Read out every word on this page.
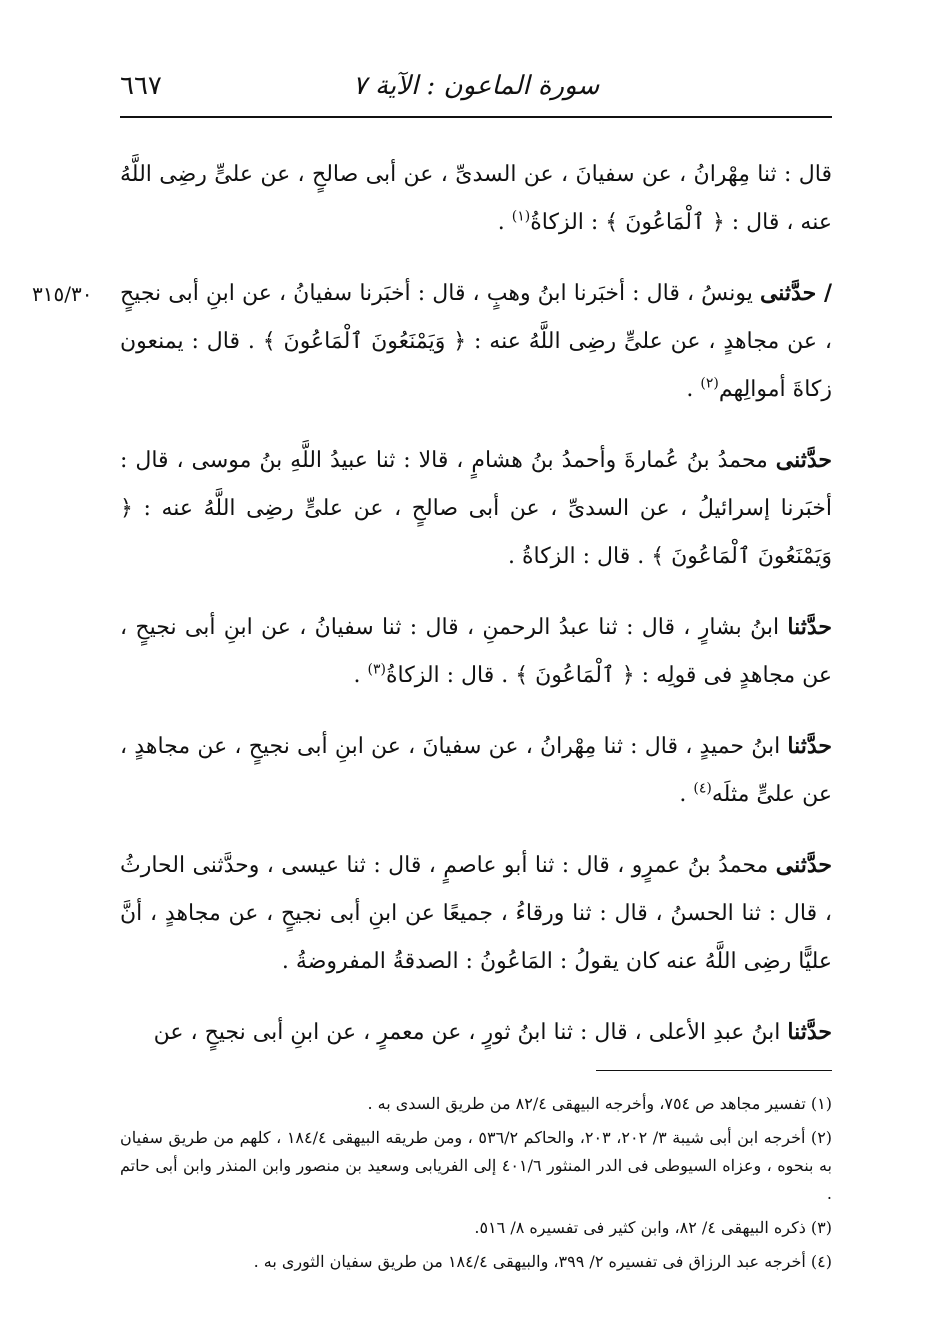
٦٦٧	سورة الماعون : الآية ٧
٣١٥/٣٠

قال : ثنا مِهْرانُ ، عن سفيانَ ، عن السدىِّ ، عن أبى صالحٍ ، عن علىٍّ رضِى اللَّهُ عنه ، قال : ﴿ ٱلْمَاعُونَ ﴾ : الزكاةُ$^{(١)}$ .

/ حدَّثنى يونسُ ، قال : أخبَرنا ابنُ وهبٍ ، قال : أخبَرنا سفيانُ ، عن ابنِ أبى نجيحٍ ، عن مجاهدٍ ، عن علىٍّ رضِى اللَّهُ عنه : ﴿ وَيَمْنَعُونَ ٱلْمَاعُونَ ﴾ . قال : يمنعون زكاةَ أموالِهم$^{(٢)}$ .

حدَّثنى محمدُ بنُ عُمارةَ وأحمدُ بنُ هشامٍ ، قالا : ثنا عبيدُ اللَّهِ بنُ موسى ، قال : أخبَرنا إسرائيلُ ، عن السدىِّ ، عن أبى صالحٍ ، عن علىٍّ رضِى اللَّهُ عنه : ﴿ وَيَمْنَعُونَ ٱلْمَاعُونَ ﴾ . قال : الزكاةُ .

حدَّثنا ابنُ بشارٍ ، قال : ثنا عبدُ الرحمنِ ، قال : ثنا سفيانُ ، عن ابنِ أبى نجيحٍ ، عن مجاهدٍ فى قولِه : ﴿ ٱلْمَاعُونَ ﴾ . قال : الزكاةُ$^{(٣)}$ .

حدَّثنا ابنُ حميدٍ ، قال : ثنا مِهْرانُ ، عن سفيانَ ، عن ابنِ أبى نجيحٍ ، عن مجاهدٍ ، عن علىٍّ مثلَه$^{(٤)}$ .

حدَّثنى محمدُ بنُ عمرٍو ، قال : ثنا أبو عاصمٍ ، قال : ثنا عيسى ، وحدَّثنى الحارثُ ، قال : ثنا الحسنُ ، قال : ثنا ورقاءُ ، جميعًا عن ابنِ أبى نجيحٍ ، عن مجاهدٍ ، أنَّ عليًّا رضِى اللَّهُ عنه كان يقولُ : المَاعُونُ : الصدقةُ المفروضةُ .

حدَّثنا ابنُ عبدِ الأعلى ، قال : ثنا ابنُ ثورٍ ، عن معمرٍ ، عن ابنِ أبى نجيحٍ ، عن

(١) تفسير مجاهد ص ٧٥٤، وأخرجه البيهقى ٨٢/٤ من طريق السدى به .

(٢) أخرجه ابن أبى شيبة ٣/ ٢٠٢، ٢٠٣، والحاكم ٥٣٦/٢ ، ومن طريقه البيهقى ١٨٤/٤ ، كلهم من طريق سفيان به بنحوه ، وعزاه السيوطى فى الدر المنثور ٤٠١/٦ إلى الفريابى وسعيد بن منصور وابن المنذر وابن أبى حاتم .

(٣) ذكره البيهقى ٤/ ٨٢، وابن كثير فى تفسيره ٨/ ٥١٦.

(٤) أخرجه عبد الرزاق فى تفسيره ٢/ ٣٩٩، والبيهقى ١٨٤/٤ من طريق سفيان الثورى به .
